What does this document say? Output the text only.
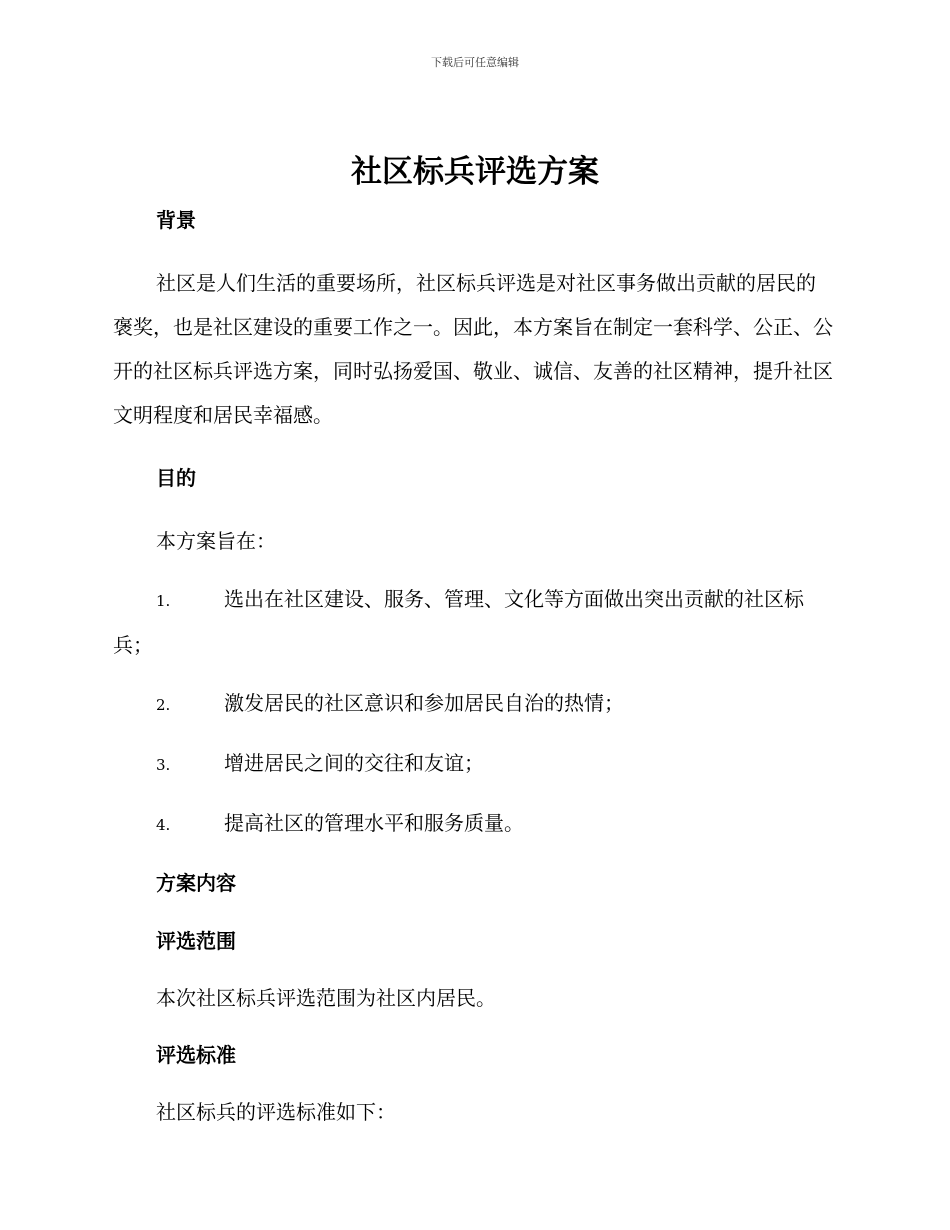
下载后可任意编辑
社区标兵评选方案
背景

社区是人们生活的重要场所，社区标兵评选是对社区事务做出贡献的居民的褒奖，也是社区建设的重要工作之一。因此，本方案旨在制定一套科学、公正、公开的社区标兵评选方案，同时弘扬爱国、敬业、诚信、友善的社区精神，提升社区文明程度和居民幸福感。

目的

本方案旨在：

1.	选出在社区建设、服务、管理、文化等方面做出突出贡献的社区标兵；

2.	激发居民的社区意识和参加居民自治的热情；

3.	增进居民之间的交往和友谊；

4.	提高社区的管理水平和服务质量。

方案内容
评选范围

本次社区标兵评选范围为社区内居民。

评选标准

社区标兵的评选标准如下：
